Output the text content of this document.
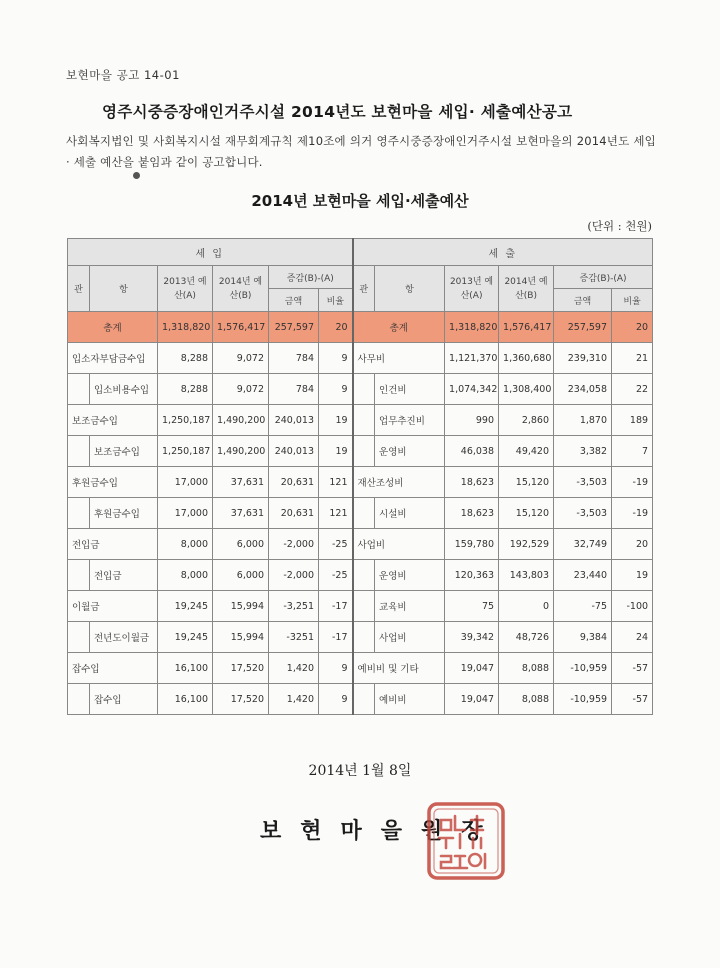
보현마을 공고 14-01
영주시중증장애인거주시설 2014년도 보현마을 세입· 세출예산공고
사회복지법인 및 사회복지시설 재무회계규칙 제10조에 의거 영주시중증장애인거주시설 보현마을의 2014년도 세입· 세출 예산을 붙임과 같이 공고합니다.
2014년 보현마을 세입·세출예산
(단위 : 천원)
세 입						세 출					
관	항	2013년 예산(A)	2014년 예산(B)	증감(B)-(A)		관	항	2013년 예산(A)	2014년 예산(B)	증감(B)-(A)	
				금액	비율					금액	비율
총계		1,318,820	1,576,417	257,597	20	총계		1,318,820	1,576,417	257,597	20
입소자부담금수입		8,288	9,072	784	9	사무비		1,121,370	1,360,680	239,310	21
	입소비용수입	8,288	9,072	784	9		인건비	1,074,342	1,308,400	234,058	22
보조금수입		1,250,187	1,490,200	240,013	19		업무추진비	990	2,860	1,870	189
	보조금수입	1,250,187	1,490,200	240,013	19		운영비	46,038	49,420	3,382	7
후원금수입		17,000	37,631	20,631	121	재산조성비		18,623	15,120	-3,503	-19
	후원금수입	17,000	37,631	20,631	121		시설비	18,623	15,120	-3,503	-19
전입금		8,000	6,000	-2,000	-25	사업비		159,780	192,529	32,749	20
	전입금	8,000	6,000	-2,000	-25		운영비	120,363	143,803	23,440	19
이월금		19,245	15,994	-3,251	-17		교육비	75	0	-75	-100
	전년도이월금	19,245	15,994	-3251	-17		사업비	39,342	48,726	9,384	24
잡수입		16,100	17,520	1,420	9	예비비 및 기타		19,047	8,088	-10,959	-57
	잡수입	16,100	17,520	1,420	9		예비비	19,047	8,088	-10,959	-57
2014년 1월 8일
보현마을원장
